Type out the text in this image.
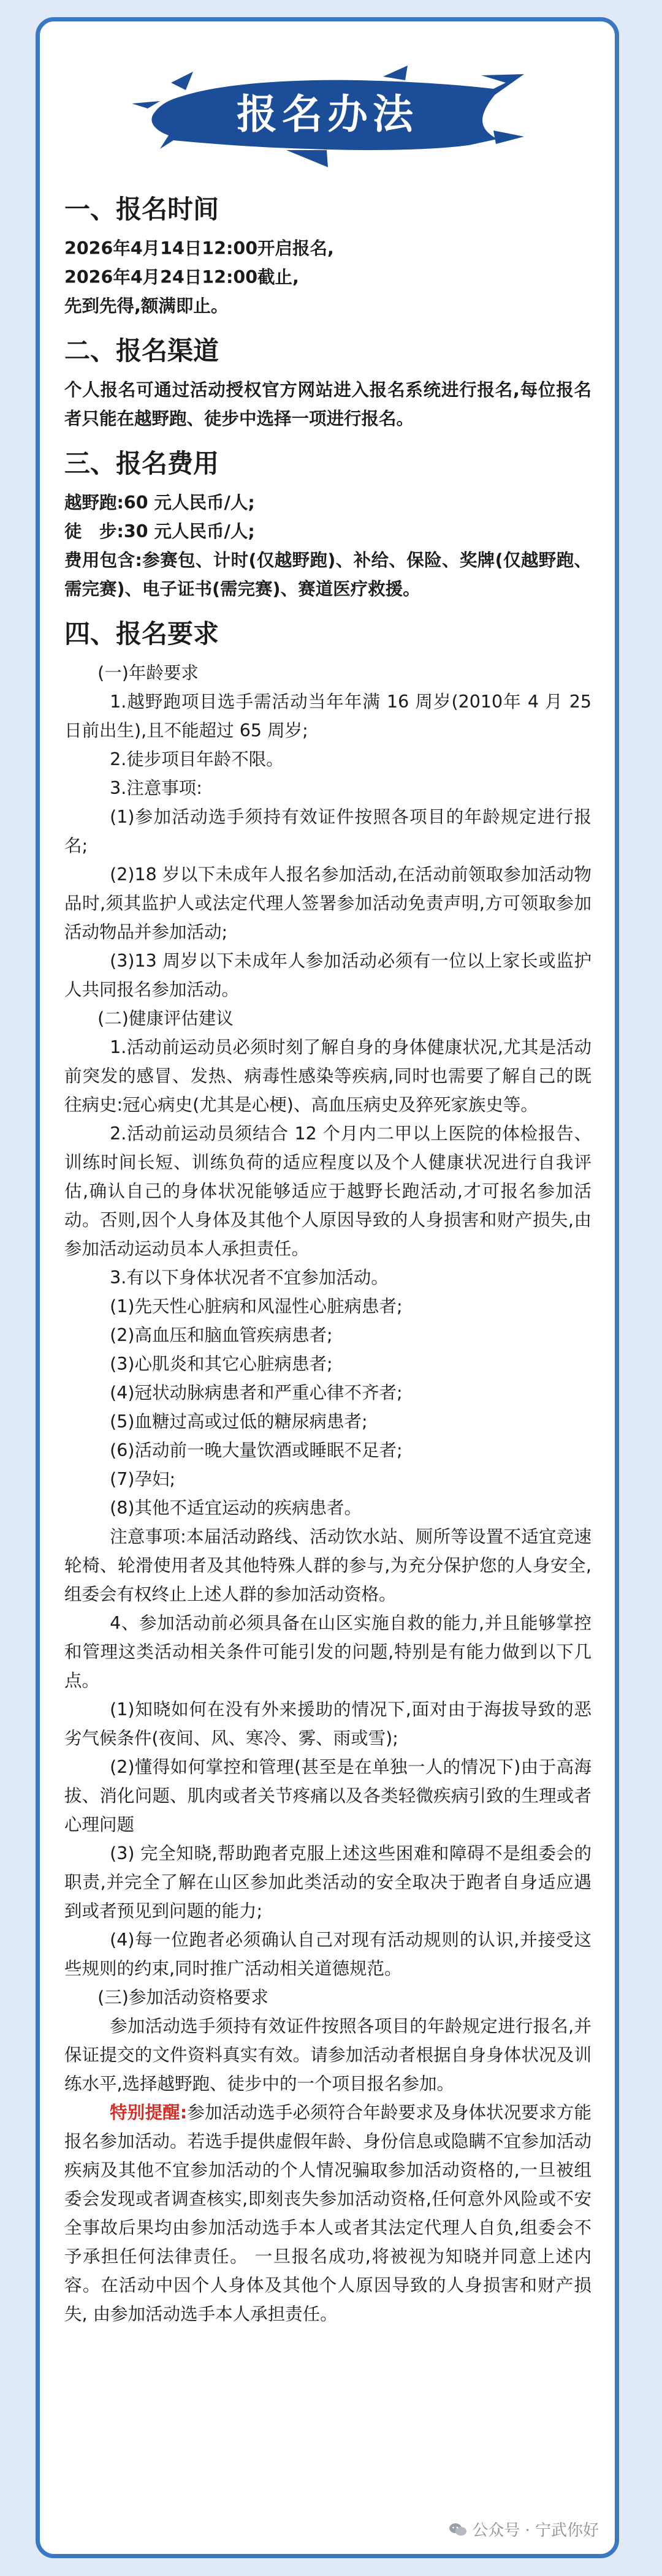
报名办法
一、报名时间

2026年4月14日12:00开启报名,

2026年4月24日12:00截止,

先到先得,额满即止。

二、报名渠道

个人报名可通过活动授权官方网站进入报名系统进行报名,每位报名者只能在越野跑、徒步中选择一项进行报名。

三、报名费用

越野跑:60 元人民币/人;

徒　步:30 元人民币/人;

费用包含:参赛包、计时(仅越野跑)、补给、保险、奖牌(仅越野跑、需完赛)、电子证书(需完赛)、赛道医疗救援。

四、报名要求

(一)年龄要求

1.越野跑项目选手需活动当年年满 16 周岁(2010年 4 月 25 日前出生),且不能超过 65 周岁;

2.徒步项目年龄不限。

3.注意事项:

(1)参加活动选手须持有效证件按照各项目的年龄规定进行报名;

(2)18 岁以下未成年人报名参加活动,在活动前领取参加活动物品时,须其监护人或法定代理人签署参加活动免责声明,方可领取参加活动物品并参加活动;

(3)13 周岁以下未成年人参加活动必须有一位以上家长或监护人共同报名参加活动。

(二)健康评估建议

1.活动前运动员必须时刻了解自身的身体健康状况,尤其是活动前突发的感冒、发热、病毒性感染等疾病,同时也需要了解自己的既往病史:冠心病史(尤其是心梗)、高血压病史及猝死家族史等。

2.活动前运动员须结合 12 个月内二甲以上医院的体检报告、训练时间长短、训练负荷的适应程度以及个人健康状况进行自我评估,确认自己的身体状况能够适应于越野长跑活动,才可报名参加活动。否则,因个人身体及其他个人原因导致的人身损害和财产损失,由参加活动运动员本人承担责任。

3.有以下身体状况者不宜参加活动。

(1)先天性心脏病和风湿性心脏病患者;

(2)高血压和脑血管疾病患者;

(3)心肌炎和其它心脏病患者;

(4)冠状动脉病患者和严重心律不齐者;

(5)血糖过高或过低的糖尿病患者;

(6)活动前一晚大量饮酒或睡眠不足者;

(7)孕妇;

(8)其他不适宜运动的疾病患者。

注意事项:本届活动路线、活动饮水站、厕所等设置不适宜竞速轮椅、轮滑使用者及其他特殊人群的参与,为充分保护您的人身安全,组委会有权终止上述人群的参加活动资格。

4、参加活动前必须具备在山区实施自救的能力,并且能够掌控和管理这类活动相关条件可能引发的问题,特别是有能力做到以下几点。

(1)知晓如何在没有外来援助的情况下,面对由于海拔导致的恶劣气候条件(夜间、风、寒冷、雾、雨或雪);

(2)懂得如何掌控和管理(甚至是在单独一人的情况下)由于高海拔、消化问题、肌肉或者关节疼痛以及各类轻微疾病引致的生理或者心理问题

(3) 完全知晓,帮助跑者克服上述这些困难和障碍不是组委会的职责,并完全了解在山区参加此类活动的安全取决于跑者自身适应遇到或者预见到问题的能力;

(4)每一位跑者必须确认自己对现有活动规则的认识,并接受这些规则的约束,同时推广活动相关道德规范。

(三)参加活动资格要求

参加活动选手须持有效证件按照各项目的年龄规定进行报名,并保证提交的文件资料真实有效。请参加活动者根据自身身体状况及训练水平,选择越野跑、徒步中的一个项目报名参加。

特别提醒:参加活动选手必须符合年龄要求及身体状况要求方能报名参加活动。若选手提供虚假年龄、身份信息或隐瞒不宜参加活动疾病及其他不宜参加活动的个人情况骗取参加活动资格的,一旦被组委会发现或者调查核实,即刻丧失参加活动资格,任何意外风险或不安全事故后果均由参加活动选手本人或者其法定代理人自负,组委会不予承担任何法律责任。 一旦报名成功,将被视为知晓并同意上述内容。在活动中因个人身体及其他个人原因导致的人身损害和财产损失, 由参加活动选手本人承担责任。

公众号 · 宁武你好
